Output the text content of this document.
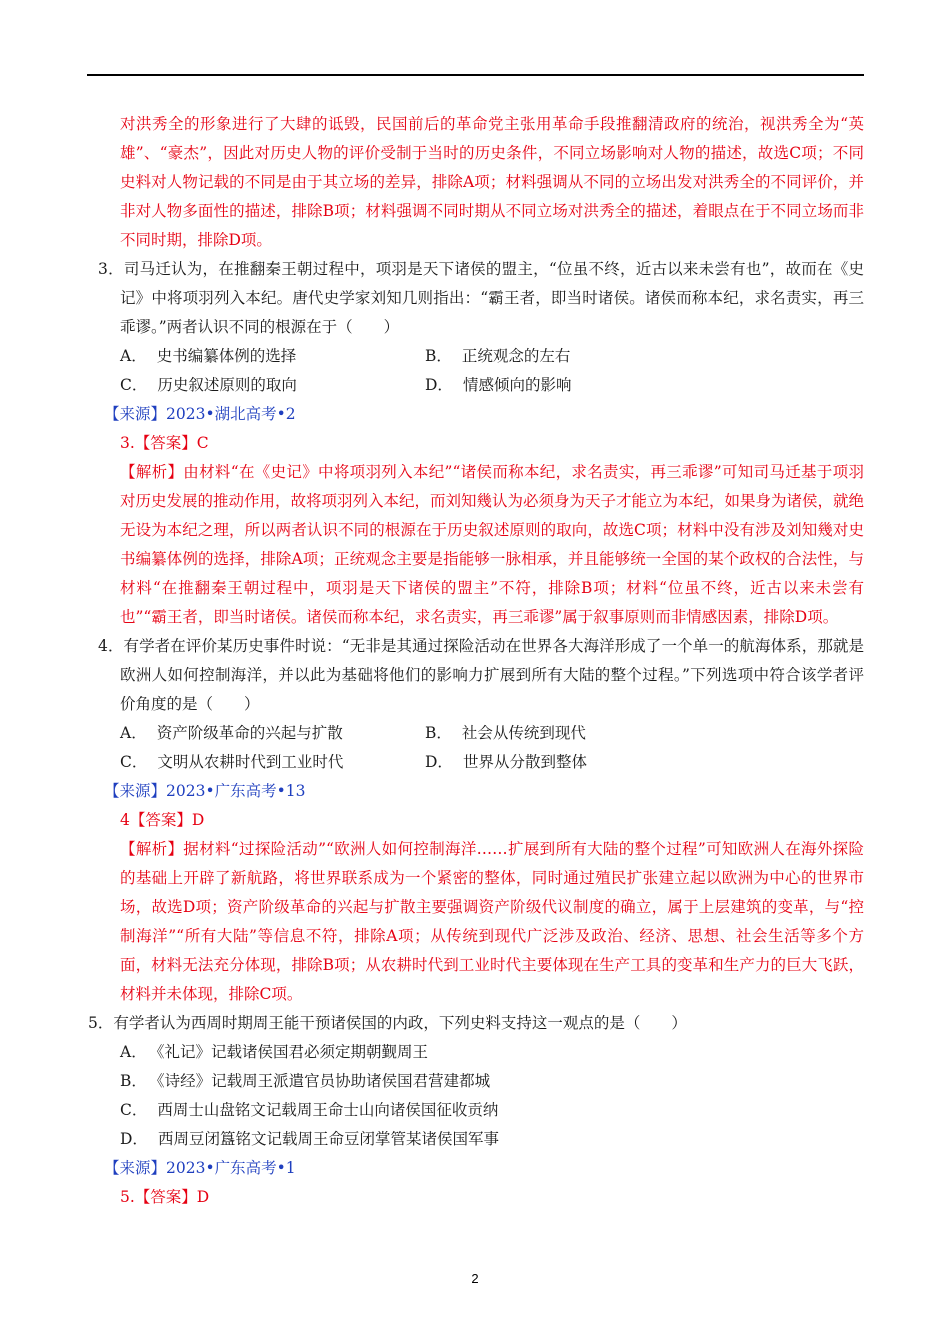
对洪秀全的形象进行了大肆的诋毁，民国前后的革命党主张用革命手段推翻清政府的统治，视洪秀全为“英雄”、“豪杰”，因此对历史人物的评价受制于当时的历史条件，不同立场影响对人物的描述，故选C项；不同史料对人物记载的不同是由于其立场的差异，排除A项；材料强调从不同的立场出发对洪秀全的不同评价，并非对人物多面性的描述，排除B项；材料强调不同时期从不同立场对洪秀全的描述，着眼点在于不同立场而非不同时期，排除D项。

3．司马迁认为，在推翻秦王朝过程中，项羽是天下诸侯的盟主，“位虽不终，近古以来未尝有也”，故而在《史记》中将项羽列入本纪。唐代史学家刘知几则指出：“霸王者，即当时诸侯。诸侯而称本纪，求名责实，再三乖谬。”两者认识不同的根源在于（　　）

A． 史书编纂体例的选择	B． 正统观念的左右
C． 历史叙述原则的取向	D． 情感倾向的影响

【来源】2023•湖北高考•2

3.【答案】C

【解析】由材料“在《史记》中将项羽列入本纪”“诸侯而称本纪，求名责实，再三乖谬”可知司马迁基于项羽对历史发展的推动作用，故将项羽列入本纪，而刘知幾认为必须身为天子才能立为本纪，如果身为诸侯，就绝无设为本纪之理，所以两者认识不同的根源在于历史叙述原则的取向，故选C项；材料中没有涉及刘知幾对史书编纂体例的选择，排除A项；正统观念主要是指能够一脉相承，并且能够统一全国的某个政权的合法性，与材料“在推翻秦王朝过程中，项羽是天下诸侯的盟主”不符，排除B项；材料“位虽不终，近古以来未尝有也”“霸王者，即当时诸侯。诸侯而称本纪，求名责实，再三乖谬”属于叙事原则而非情感因素，排除D项。

4．有学者在评价某历史事件时说：“无非是其通过探险活动在世界各大海洋形成了一个单一的航海体系，那就是欧洲人如何控制海洋，并以此为基础将他们的影响力扩展到所有大陆的整个过程。”下列选项中符合该学者评价角度的是（　　）

A． 资产阶级革命的兴起与扩散	B． 社会从传统到现代
C． 文明从农耕时代到工业时代	D． 世界从分散到整体

【来源】2023•广东高考•13

4【答案】D

【解析】据材料“过探险活动”“欧洲人如何控制海洋……扩展到所有大陆的整个过程”可知欧洲人在海外探险的基础上开辟了新航路，将世界联系成为一个紧密的整体，同时通过殖民扩张建立起以欧洲为中心的世界市场，故选D项；资产阶级革命的兴起与扩散主要强调资产阶级代议制度的确立，属于上层建筑的变革，与“控制海洋”“所有大陆”等信息不符，排除A项；从传统到现代广泛涉及政治、经济、思想、社会生活等多个方面，材料无法充分体现，排除B项；从农耕时代到工业时代主要体现在生产工具的变革和生产力的巨大飞跃，材料并未体现，排除C项。

5．有学者认为西周时期周王能干预诸侯国的内政，下列史料支持这一观点的是（　　）

A． 《礼记》记载诸侯国君必须定期朝觐周王
B． 《诗经》记载周王派遣官员协助诸侯国君营建都城
C． 西周士山盘铭文记载周王命士山向诸侯国征收贡纳
D． 西周豆闭簋铭文记载周王命豆闭掌管某诸侯国军事

【来源】2023•广东高考•1

5.【答案】D

2
